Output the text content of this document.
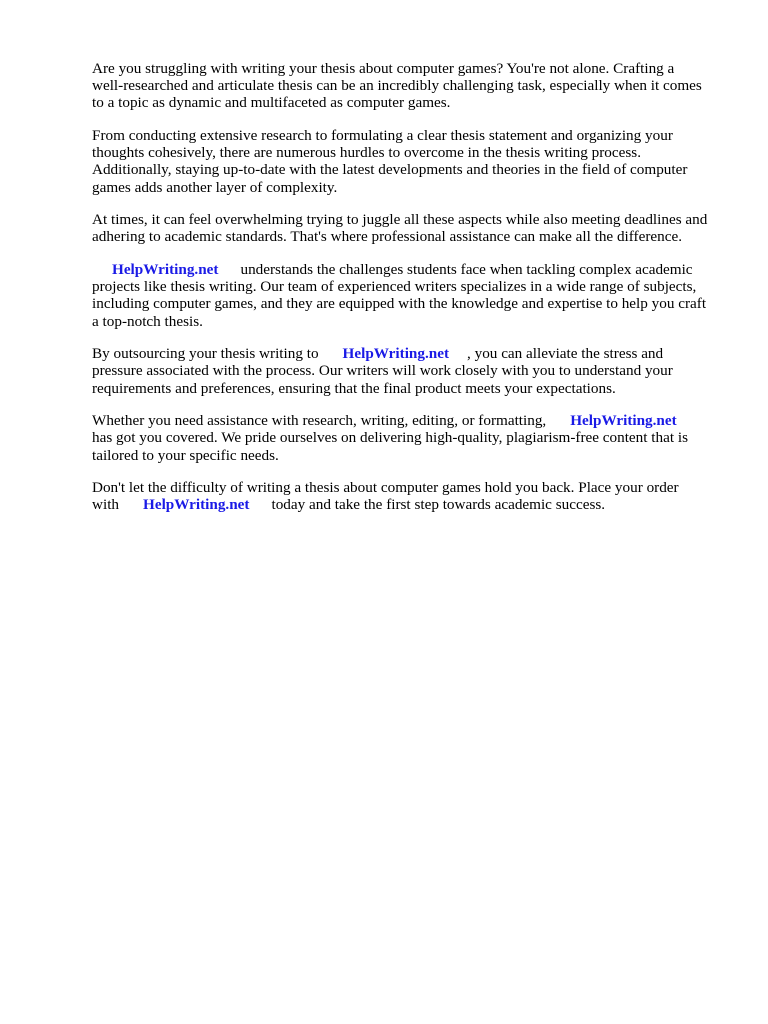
Are you struggling with writing your thesis about computer games? You're not alone. Crafting a
well-researched and articulate thesis can be an incredibly challenging task, especially when it comes
to a topic as dynamic and multifaceted as computer games.

From conducting extensive research to formulating a clear thesis statement and organizing your
thoughts cohesively, there are numerous hurdles to overcome in the thesis writing process.
Additionally, staying up-to-date with the latest developments and theories in the field of computer
games adds another layer of complexity.

At times, it can feel overwhelming trying to juggle all these aspects while also meeting deadlines and
adhering to academic standards. That's where professional assistance can make all the difference.

HelpWriting.net understands the challenges students face when tackling complex academic
projects like thesis writing. Our team of experienced writers specializes in a wide range of subjects,
including computer games, and they are equipped with the knowledge and expertise to help you craft
a top-notch thesis.

By outsourcing your thesis writing to HelpWriting.net , you can alleviate the stress and
pressure associated with the process. Our writers will work closely with you to understand your
requirements and preferences, ensuring that the final product meets your expectations.

Whether you need assistance with research, writing, editing, or formatting, HelpWriting.net
has got you covered. We pride ourselves on delivering high-quality, plagiarism-free content that is
tailored to your specific needs.

Don't let the difficulty of writing a thesis about computer games hold you back. Place your order
with HelpWriting.net today and take the first step towards academic success.
